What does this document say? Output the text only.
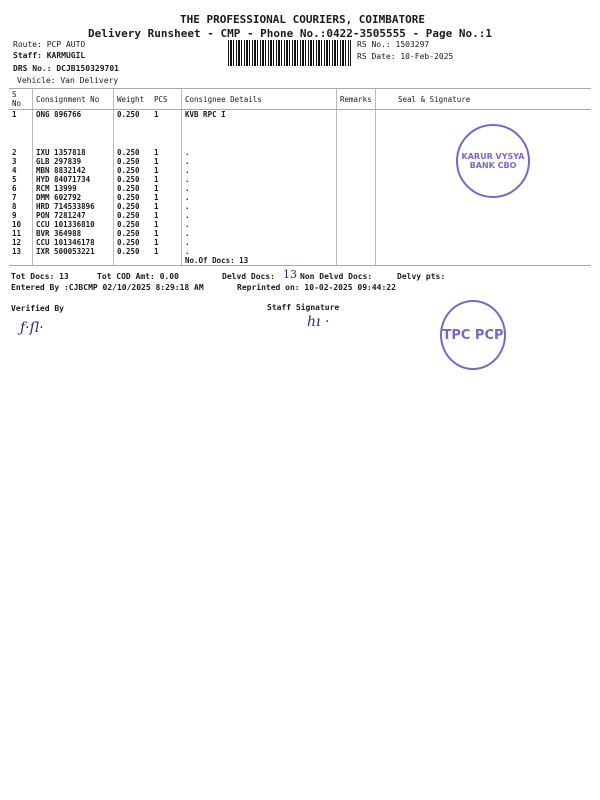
THE PROFESSIONAL COURIERS, COIMBATORE
Delivery Runsheet - CMP - Phone No.:0422-3505555 - Page No.:1
Route: PCP AUTO
Staff: KARMUGIL
DRS No.: DCJB150329701
Vehicle: Van Delivery
RS No.: 1503297
RS Date: 10-Feb-2025
S No	Consignment No	Weight	PCS	Consignee Details	Remarks	Seal & Signature
1	ONG 896766	0.250	1	KVB RPC I		
2	IXU 1357818	0.250	1	.		
3	GLB 297839	0.250	1	.		
4	MBN 8832142	0.250	1	.		
5	HYD 84071734	0.250	1	.		
6	RCM 13999	0.250	1	.		
7	DMM 602792	0.250	1	.		
8	HRD 714533896	0.250	1	.		
9	PON 7281247	0.250	1	.		
10	CCU 101336810	0.250	1	.		
11	BVR 364988	0.250	1	.		
12	CCU 101346178	0.250	1	.		
13	IXR 500053221	0.250	1	.		
				No.Of Docs: 13		
KARUR VYSYA BANK CBO
TPC PCP
Tot Docs: 13	Tot COD Amt: 0.00	Delvd Docs: 13 Non Delvd Docs:	Delvy pts:
Entered By :CJBCMP 02/10/2025 8:29:18 AM	Reprinted on: 10-02-2025 09:44:22
Verified By	Staff Signature
ƒ·ſl·	hı ·
